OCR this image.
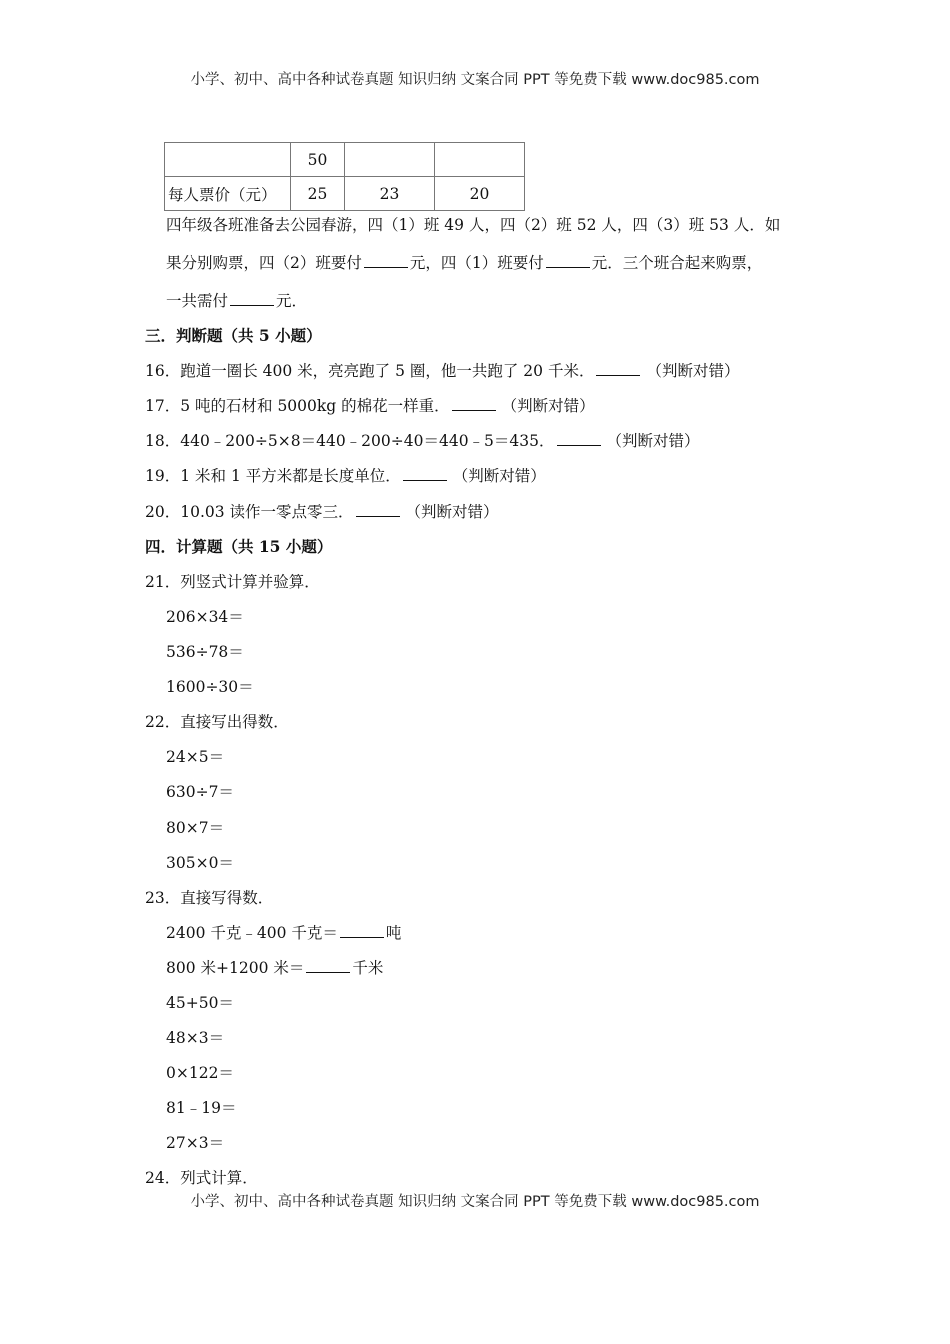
小学、初中、高中各种试卷真题 知识归纳 文案合同 PPT 等免费下载 www.doc985.com
	50		
每人票价（元）	25	23	20
四年级各班准备去公园春游，四（1）班 49 人，四（2）班 52 人，四（3）班 53 人．如
果分别购票，四（2）班要付	元，四（1）班要付	元．三个班合起来购票，
一共需付	元．
三．判断题（共 5 小题）
16．跑道一圈长 400 米，亮亮跑了 5 圈，他一共跑了 20 千米．	（判断对错）
17．5 吨的石材和 5000kg 的棉花一样重．	（判断对错）
18．440﹣200÷5×8＝440﹣200÷40＝440﹣5＝435．	（判断对错）
19．1 米和 1 平方米都是长度单位．	（判断对错）
20．10.03 读作一零点零三．	（判断对错）
四．计算题（共 15 小题）
21．列竖式计算并验算．
206×34＝
536÷78＝
1600÷30＝
22．直接写出得数．
24×5＝
630÷7＝
80×7＝
305×0＝
23．直接写得数．
2400 千克﹣400 千克＝	吨
800 米+1200 米＝	千米
45+50＝
48×3＝
0×122＝
81﹣19＝
27×3＝
24．列式计算．
小学、初中、高中各种试卷真题 知识归纳 文案合同 PPT 等免费下载 www.doc985.com
